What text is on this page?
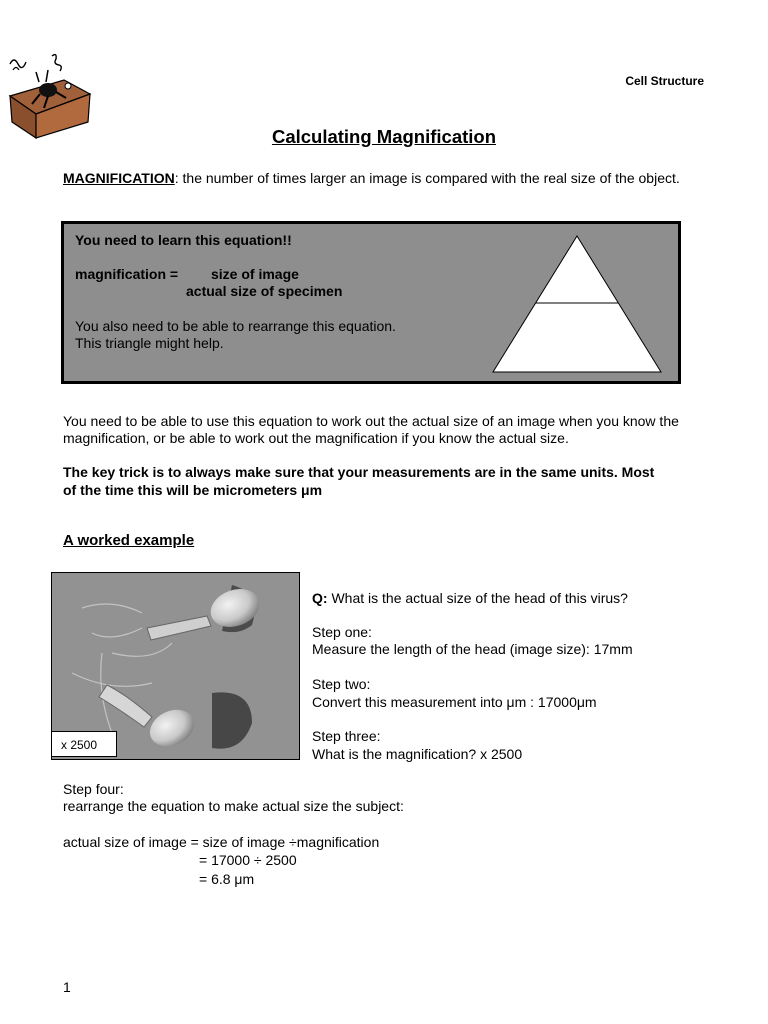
Cell Structure
Calculating Magnification
MAGNIFICATION: the number of times larger an image is compared with the real size of the object.
You need to learn this equation!!
magnification = size of image
actual size of specimen
You also need to be able to rearrange this equation.
This triangle might help.
You need to be able to use this equation to work out the actual size of an image when you know the magnification, or be able to work out the magnification if you know the actual size.
The key trick is to always make sure that your measurements are in the same units. Most
of the time this will be micrometers μm
A worked example
x 2500
Q: What is the actual size of the head of this virus?
Step one:
Measure the length of the head (image size): 17mm
Step two:
Convert this measurement into μm : 17000μm
Step three:
What is the magnification? x 2500
Step four:
rearrange the equation to make actual size the subject:
actual size of image = size of image ÷magnification
= 17000 ÷ 2500
= 6.8 μm
1
